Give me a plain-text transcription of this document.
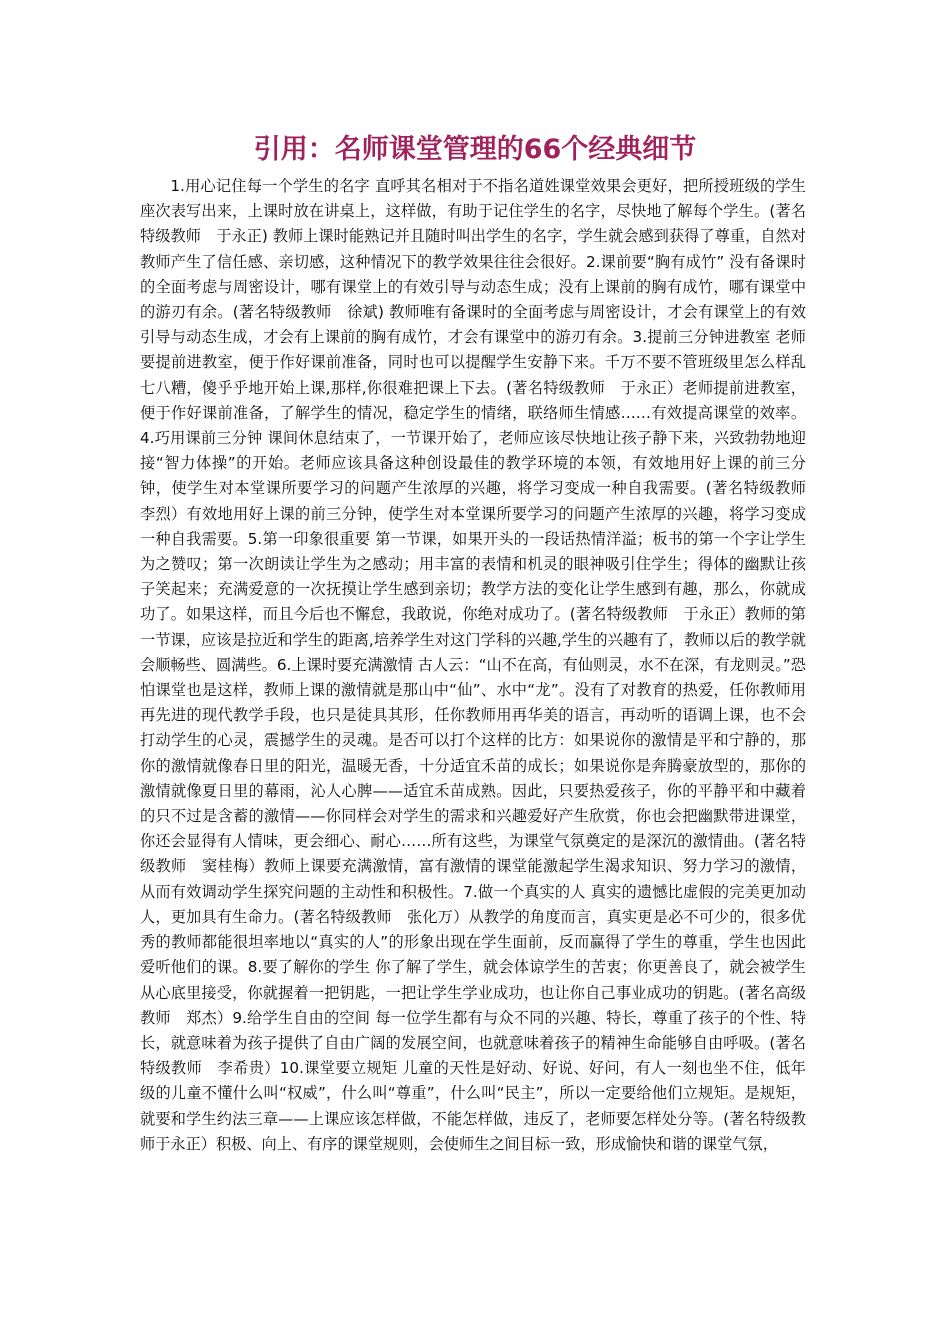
引用：名师课堂管理的66个经典细节

1.用心记住每一个学生的名字 直呼其名相对于不指名道姓课堂效果会更好，把所授班级的学生座次表写出来，上课时放在讲桌上，这样做，有助于记住学生的名字，尽快地了解每个学生。(著名特级教师　于永正) 教师上课时能熟记并且随时叫出学生的名字，学生就会感到获得了尊重，自然对教师产生了信任感、亲切感，这种情况下的教学效果往往会很好。2.课前要“胸有成竹” 没有备课时的全面考虑与周密设计，哪有课堂上的有效引导与动态生成；没有上课前的胸有成竹，哪有课堂中的游刃有余。(著名特级教师　徐斌) 教师唯有备课时的全面考虑与周密设计，才会有课堂上的有效引导与动态生成，才会有上课前的胸有成竹，才会有课堂中的游刃有余。3.提前三分钟进教室 老师要提前进教室，便于作好课前准备，同时也可以提醒学生安静下来。千万不要不管班级里怎么样乱七八糟，傻乎乎地开始上课,那样,你很难把课上下去。(著名特级教师　于永正）老师提前进教室，便于作好课前准备，了解学生的情况，稳定学生的情绪，联络师生情感……有效提高课堂的效率。4.巧用课前三分钟 课间休息结束了，一节课开始了，老师应该尽快地让孩子静下来，兴致勃勃地迎接“智力体操”的开始。老师应该具备这种创设最佳的教学环境的本领，有效地用好上课的前三分钟，使学生对本堂课所要学习的问题产生浓厚的兴趣，将学习变成一种自我需要。(著名特级教师　李烈）有效地用好上课的前三分钟，使学生对本堂课所要学习的问题产生浓厚的兴趣，将学习变成一种自我需要。5.第一印象很重要 第一节课，如果开头的一段话热情洋溢；板书的第一个字让学生为之赞叹；第一次朗读让学生为之感动；用丰富的表情和机灵的眼神吸引住学生；得体的幽默让孩子笑起来；充满爱意的一次抚摸让学生感到亲切；教学方法的变化让学生感到有趣，那么，你就成功了。如果这样，而且今后也不懈怠，我敢说，你绝对成功了。(著名特级教师　于永正）教师的第一节课，应该是拉近和学生的距离,培养学生对这门学科的兴趣,学生的兴趣有了，教师以后的教学就会顺畅些、圆满些。6.上课时要充满激情 古人云：“山不在高，有仙则灵，水不在深，有龙则灵。”恐怕课堂也是这样，教师上课的激情就是那山中“仙”、水中“龙”。没有了对教育的热爱，任你教师用再先进的现代教学手段，也只是徒具其形，任你教师用再华美的语言，再动听的语调上课，也不会打动学生的心灵，震撼学生的灵魂。是否可以打个这样的比方：如果说你的激情是平和宁静的，那你的激情就像春日里的阳光，温暖无香，十分适宜禾苗的成长；如果说你是奔腾豪放型的，那你的激情就像夏日里的幕雨，沁人心脾——适宜禾苗成熟。因此，只要热爱孩子，你的平静平和中藏着的只不过是含蓄的激情——你同样会对学生的需求和兴趣爱好产生欣赏，你也会把幽默带进课堂，你还会显得有人情味，更会细心、耐心……所有这些，为课堂气氛奠定的是深沉的激情曲。(著名特级教师　窦桂梅）教师上课要充满激情，富有激情的课堂能激起学生渴求知识、努力学习的激情，从而有效调动学生探究问题的主动性和积极性。7.做一个真实的人 真实的遗憾比虚假的完美更加动人，更加具有生命力。(著名特级教师　张化万）从教学的角度而言，真实更是必不可少的，很多优秀的教师都能很坦率地以“真实的人”的形象出现在学生面前，反而赢得了学生的尊重，学生也因此爱听他们的课。8.要了解你的学生 你了解了学生，就会体谅学生的苦衷；你更善良了，就会被学生从心底里接受，你就握着一把钥匙，一把让学生学业成功，也让你自己事业成功的钥匙。(著名高级教师　郑杰）9.给学生自由的空间 每一位学生都有与众不同的兴趣、特长，尊重了孩子的个性、特长，就意味着为孩子提供了自由广阔的发展空间，也就意味着孩子的精神生命能够自由呼吸。(著名特级教师　李希贵）10.课堂要立规矩 儿童的天性是好动、好说、好问，有人一刻也坐不住，低年级的儿童不懂什么叫“权威”，什么叫“尊重”，什么叫“民主”，所以一定要给他们立规矩。是规矩，就要和学生约法三章——上课应该怎样做，不能怎样做，违反了，老师要怎样处分等。(著名特级教师于永正）积极、向上、有序的课堂规则，会使师生之间目标一致，形成愉快和谐的课堂气氛，
